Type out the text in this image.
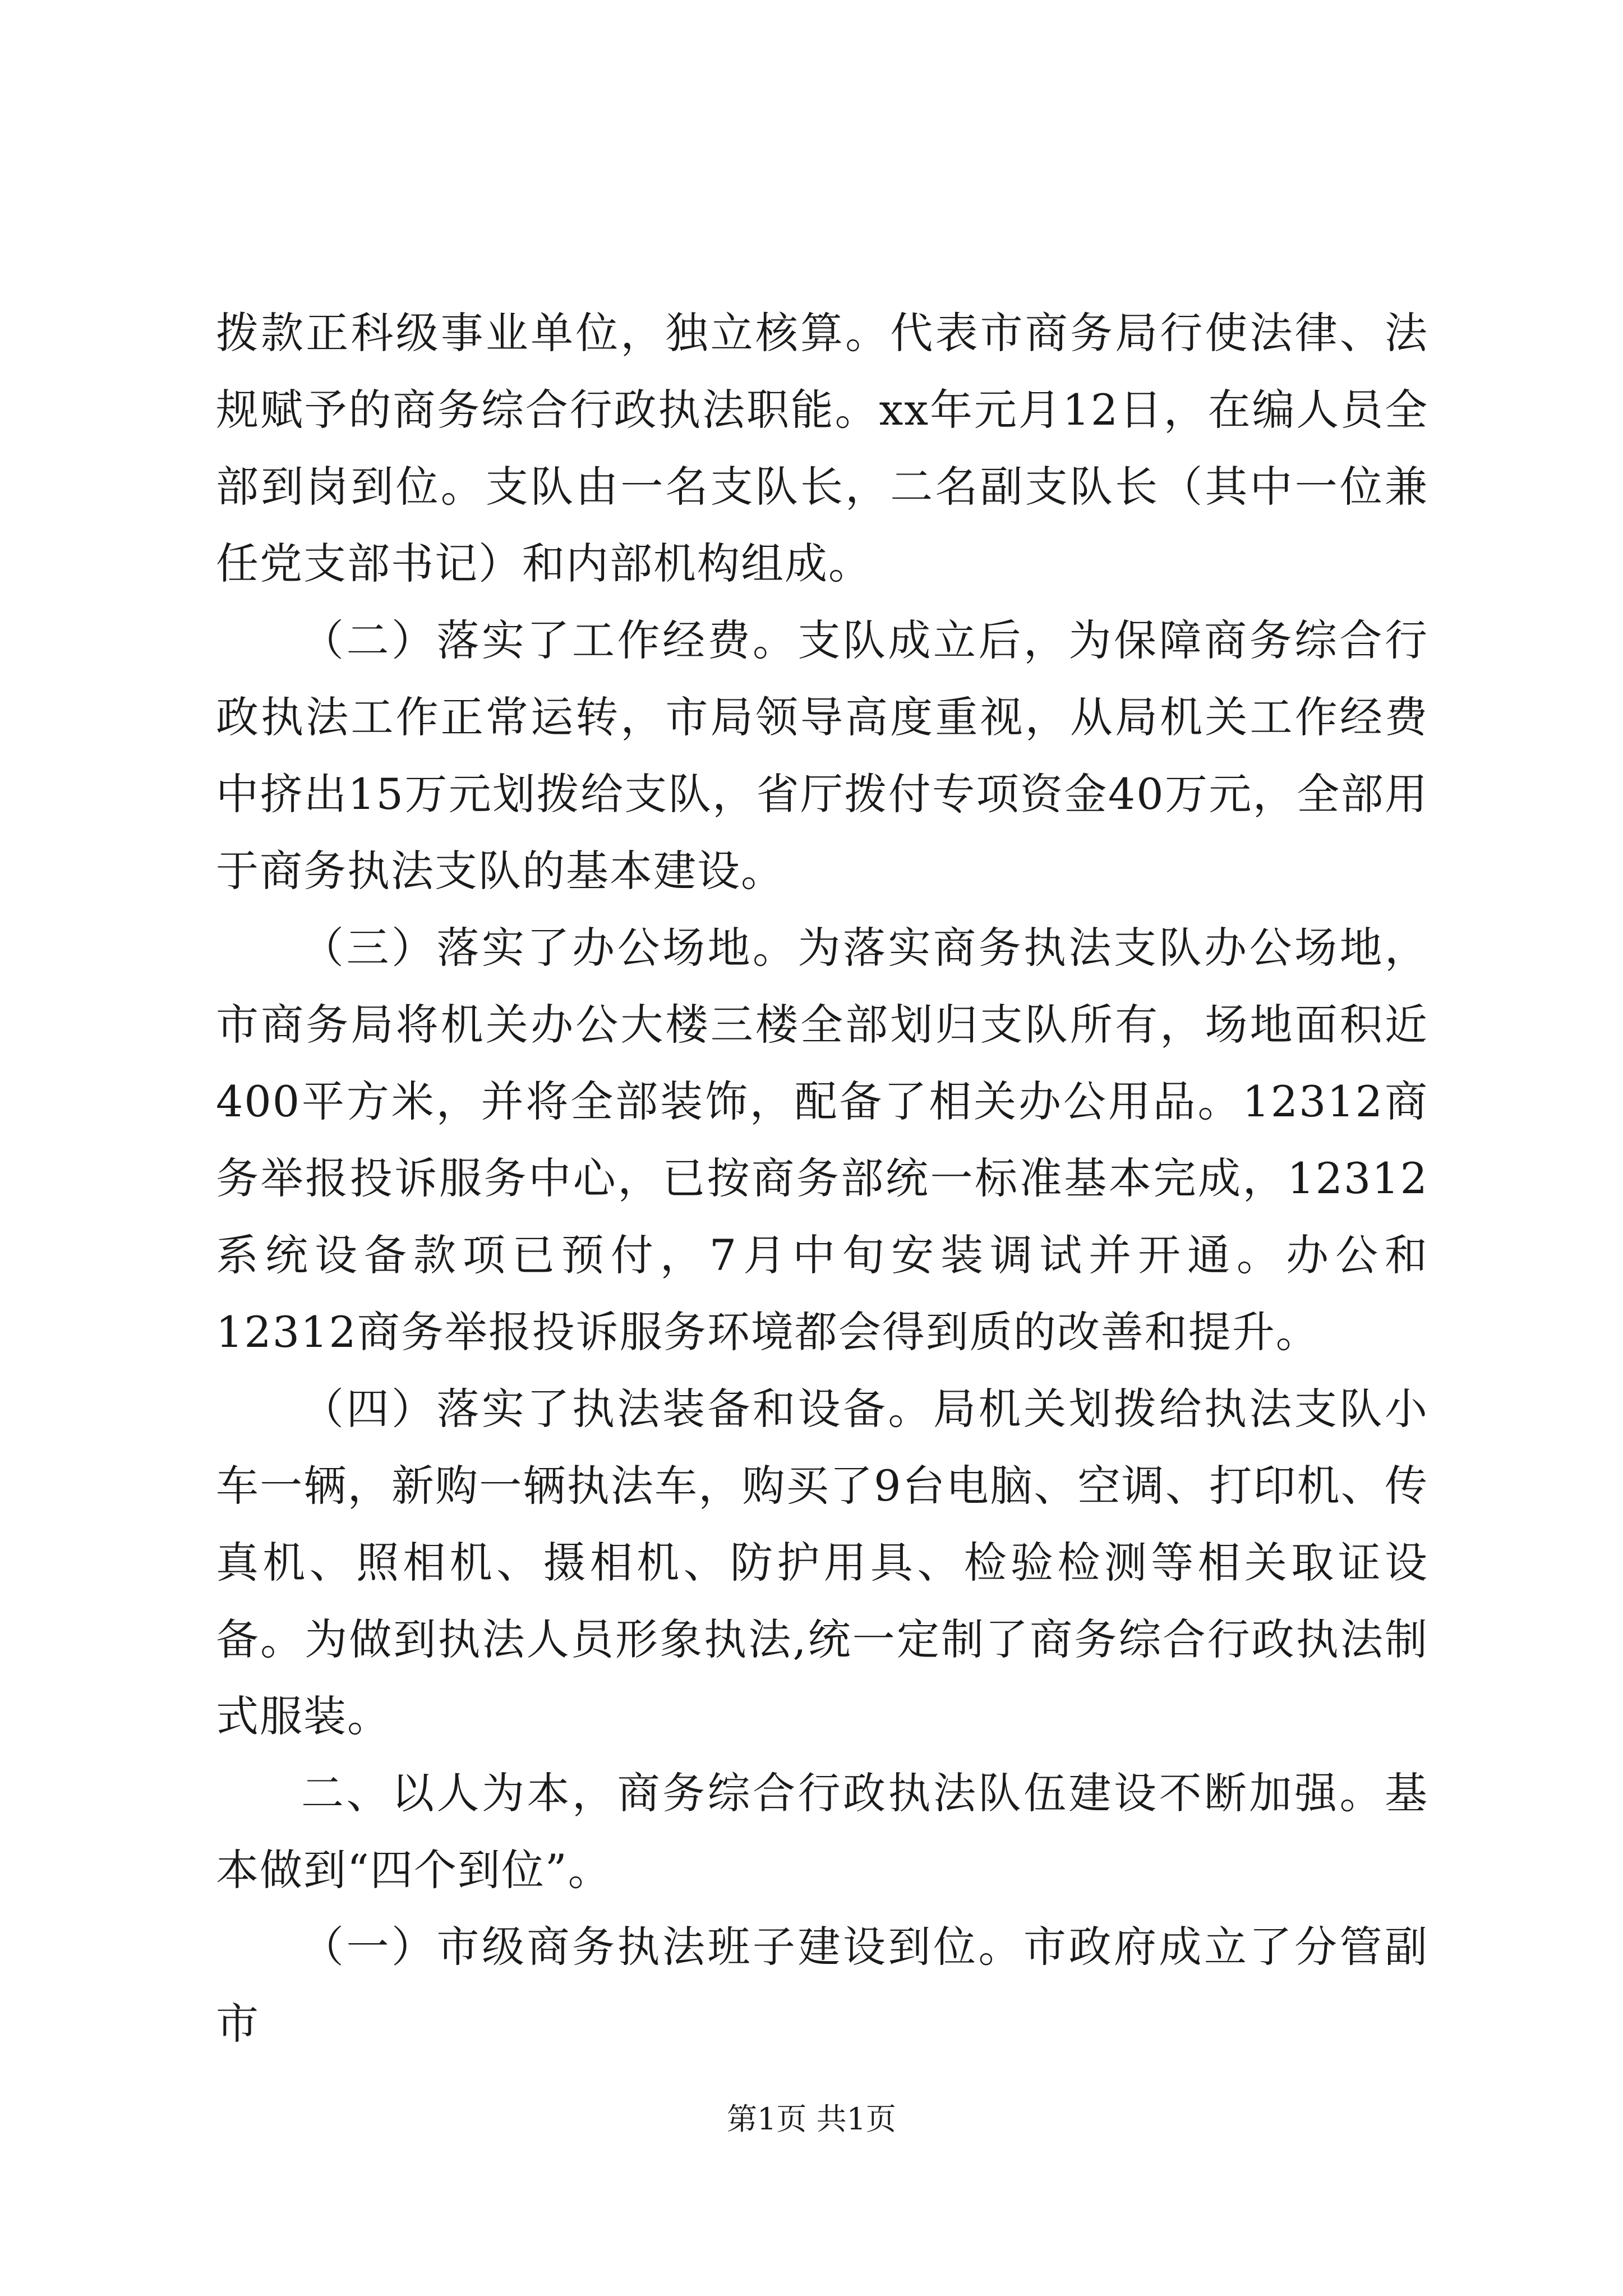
拨款正科级事业单位，独立核算。代表市商务局行使法律、法规赋予的商务综合行政执法职能。xx年元月12日，在编人员全部到岗到位。支队由一名支队长，二名副支队长（其中一位兼任党支部书记）和内部机构组成。

（二）落实了工作经费。支队成立后，为保障商务综合行政执法工作正常运转，市局领导高度重视，从局机关工作经费中挤出15万元划拨给支队，省厅拨付专项资金40万元，全部用于商务执法支队的基本建设。

（三）落实了办公场地。为落实商务执法支队办公场地，市商务局将机关办公大楼三楼全部划归支队所有，场地面积近400平方米，并将全部装饰，配备了相关办公用品。12312商务举报投诉服务中心，已按商务部统一标准基本完成，12312系统设备款项已预付，7月中旬安装调试并开通。办公和12312商务举报投诉服务环境都会得到质的改善和提升。

（四）落实了执法装备和设备。局机关划拨给执法支队小车一辆，新购一辆执法车，购买了9台电脑、空调、打印机、传真机、照相机、摄相机、防护用具、检验检测等相关取证设备。为做到执法人员形象执法,统一定制了商务综合行政执法制式服装。

二、以人为本，商务综合行政执法队伍建设不断加强。基本做到“四个到位”。

（一）市级商务执法班子建设到位。市政府成立了分管副市

第1页 共1页
